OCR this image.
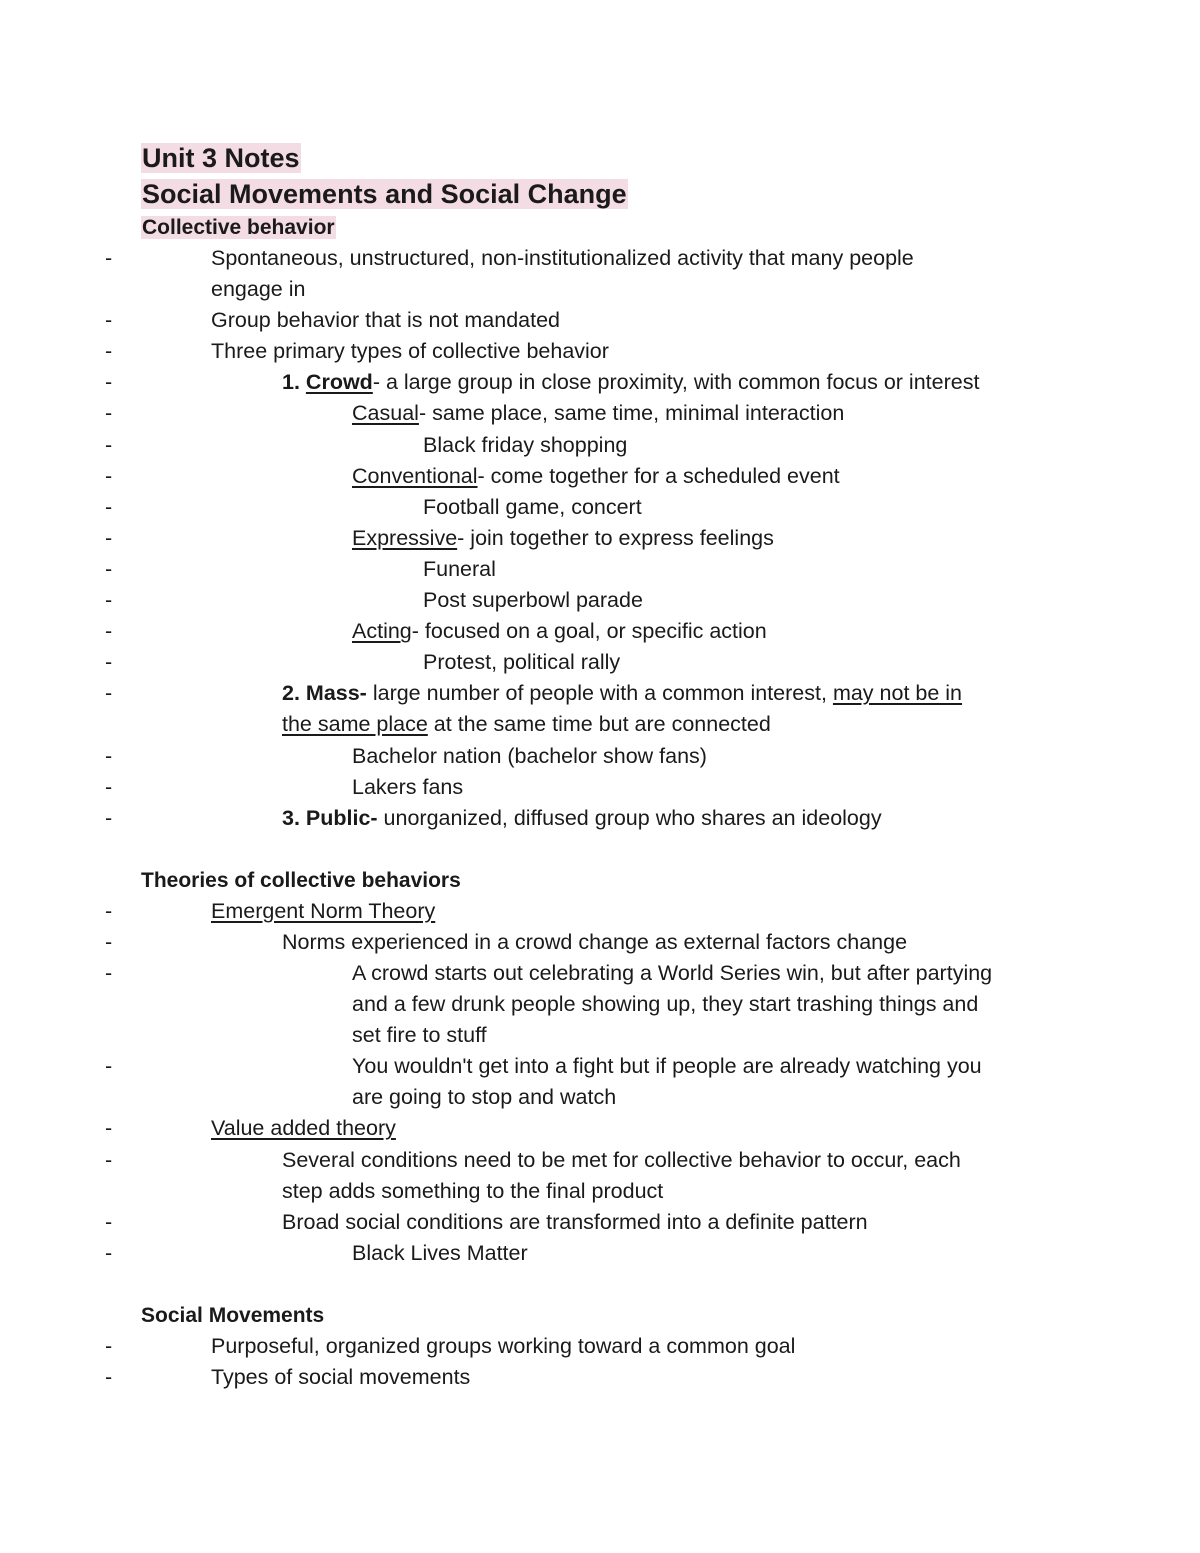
Unit 3 Notes
Social Movements and Social Change
Collective behavior
-	Spontaneous, unstructured, non-institutionalized activity that many people
engage in
-	Group behavior that is not mandated
-	Three primary types of collective behavior
-	1. Crowd- a large group in close proximity, with common focus or interest
-	Casual- same place, same time, minimal interaction
-	Black friday shopping
-	Conventional- come together for a scheduled event
-	Football game, concert
-	Expressive- join together to express feelings
-	Funeral
-	Post superbowl parade
-	Acting- focused on a goal, or specific action
-	Protest, political rally
-	2. Mass- large number of people with a common interest, may not be in
the same place at the same time but are connected
-	Bachelor nation (bachelor show fans)
-	Lakers fans
-	3. Public- unorganized, diffused group who shares an ideology
Theories of collective behaviors
-	Emergent Norm Theory
-	Norms experienced in a crowd change as external factors change
-	A crowd starts out celebrating a World Series win, but after partying
and a few drunk people showing up, they start trashing things and
set fire to stuff
-	You wouldn't get into a fight but if people are already watching you
are going to stop and watch
-	Value added theory
-	Several conditions need to be met for collective behavior to occur, each
step adds something to the final product
-	Broad social conditions are transformed into a definite pattern
-	Black Lives Matter
Social Movements
-	Purposeful, organized groups working toward a common goal
-	Types of social movements
